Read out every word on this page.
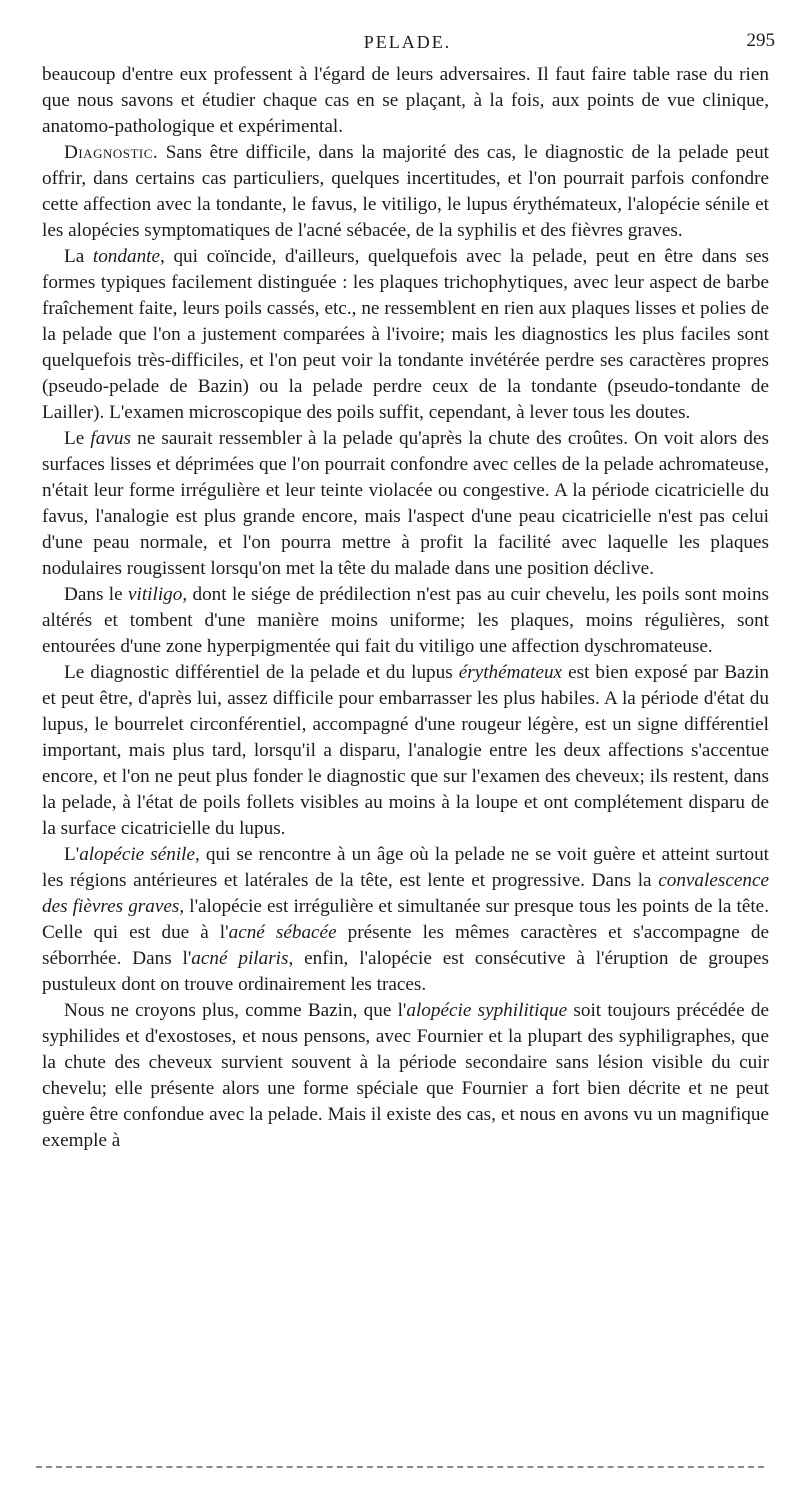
PELADE.	295

beaucoup d'entre eux professent à l'égard de leurs adversaires. Il faut faire table rase du rien que nous savons et étudier chaque cas en se plaçant, à la fois, aux points de vue clinique, anatomo-pathologique et expérimental.

Diagnostic. Sans être difficile, dans la majorité des cas, le diagnostic de la pelade peut offrir, dans certains cas particuliers, quelques incertitudes, et l'on pourrait parfois confondre cette affection avec la tondante, le favus, le vitiligo, le lupus érythémateux, l'alopécie sénile et les alopécies symptomatiques de l'acné sébacée, de la syphilis et des fièvres graves.

La tondante, qui coïncide, d'ailleurs, quelquefois avec la pelade, peut en être dans ses formes typiques facilement distinguée : les plaques trichophytiques, avec leur aspect de barbe fraîchement faite, leurs poils cassés, etc., ne ressemblent en rien aux plaques lisses et polies de la pelade que l'on a justement comparées à l'ivoire; mais les diagnostics les plus faciles sont quelquefois très-difficiles, et l'on peut voir la tondante invétérée perdre ses caractères propres (pseudo-pelade de Bazin) ou la pelade perdre ceux de la tondante (pseudo-tondante de Lailler). L'examen microscopique des poils suffit, cependant, à lever tous les doutes.

Le favus ne saurait ressembler à la pelade qu'après la chute des croûtes. On voit alors des surfaces lisses et déprimées que l'on pourrait confondre avec celles de la pelade achromateuse, n'était leur forme irrégulière et leur teinte violacée ou congestive. A la période cicatricielle du favus, l'analogie est plus grande encore, mais l'aspect d'une peau cicatricielle n'est pas celui d'une peau normale, et l'on pourra mettre à profit la facilité avec laquelle les plaques nodulaires rougissent lorsqu'on met la tête du malade dans une position déclive.

Dans le vitiligo, dont le siége de prédilection n'est pas au cuir chevelu, les poils sont moins altérés et tombent d'une manière moins uniforme; les plaques, moins régulières, sont entourées d'une zone hyperpigmentée qui fait du vitiligo une affection dyschromateuse.

Le diagnostic différentiel de la pelade et du lupus érythémateux est bien exposé par Bazin et peut être, d'après lui, assez difficile pour embarrasser les plus habiles. A la période d'état du lupus, le bourrelet circonférentiel, accompagné d'une rougeur légère, est un signe différentiel important, mais plus tard, lorsqu'il a disparu, l'analogie entre les deux affections s'accentue encore, et l'on ne peut plus fonder le diagnostic que sur l'examen des cheveux; ils restent, dans la pelade, à l'état de poils follets visibles au moins à la loupe et ont complétement disparu de la surface cicatricielle du lupus.

L'alopécie sénile, qui se rencontre à un âge où la pelade ne se voit guère et atteint surtout les régions antérieures et latérales de la tête, est lente et progressive. Dans la convalescence des fièvres graves, l'alopécie est irrégulière et simultanée sur presque tous les points de la tête. Celle qui est due à l'acné sébacée présente les mêmes caractères et s'accompagne de séborrhée. Dans l'acné pilaris, enfin, l'alopécie est consécutive à l'éruption de groupes pustuleux dont on trouve ordinairement les traces.

Nous ne croyons plus, comme Bazin, que l'alopécie syphilitique soit toujours précédée de syphilides et d'exostoses, et nous pensons, avec Fournier et la plupart des syphiligraphes, que la chute des cheveux survient souvent à la période secondaire sans lésion visible du cuir chevelu; elle présente alors une forme spéciale que Fournier a fort bien décrite et ne peut guère être confondue avec la pelade. Mais il existe des cas, et nous en avons vu un magnifique exemple à
